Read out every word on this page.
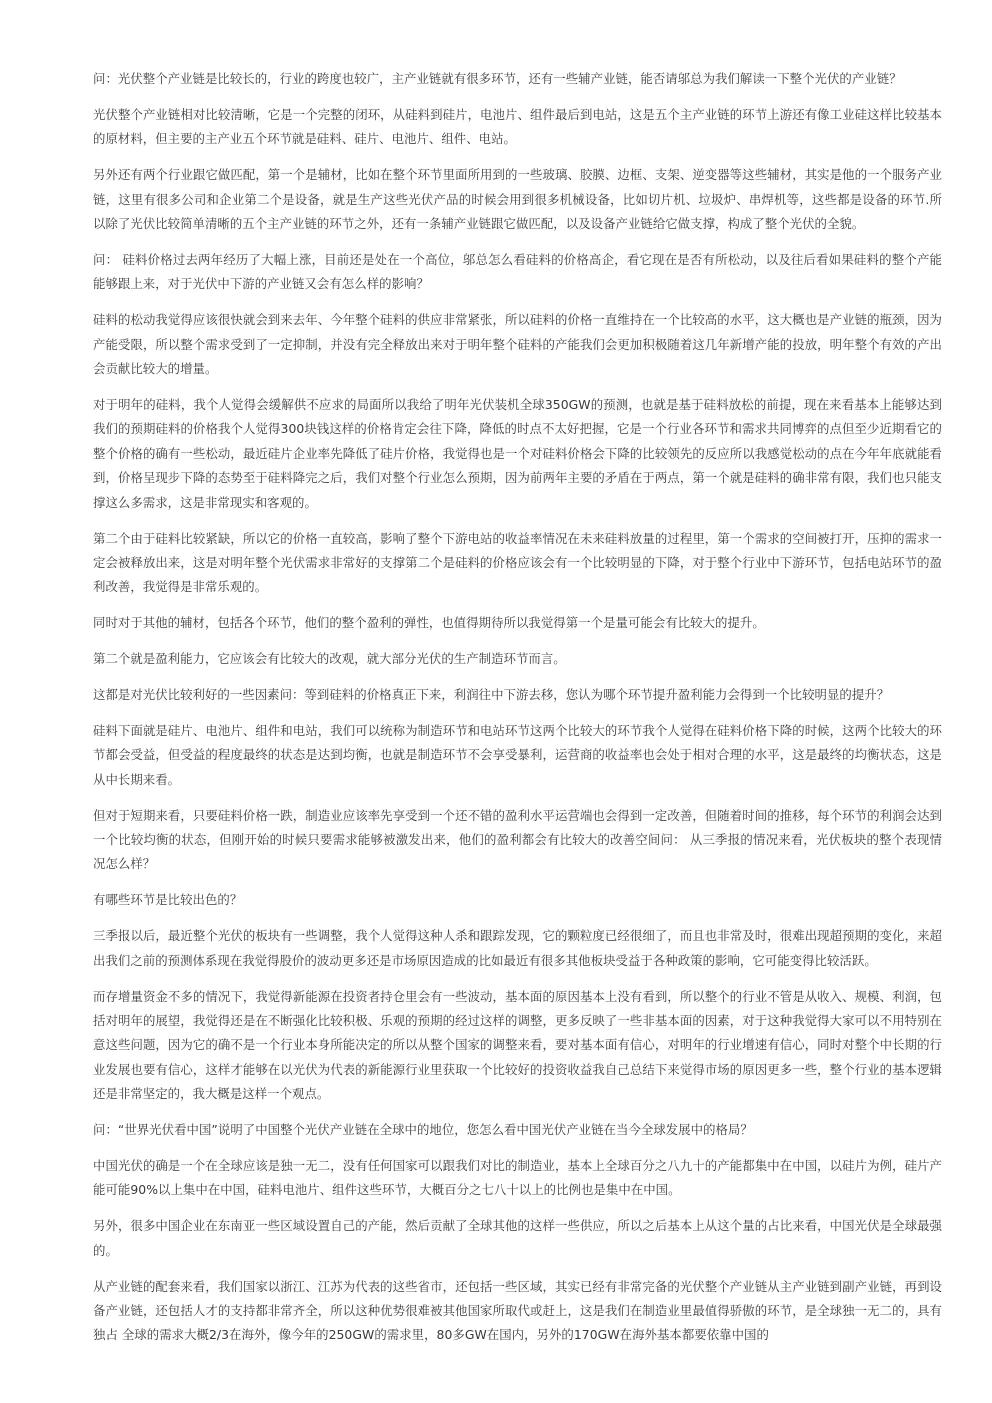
问：光伏整个产业链是比较长的，行业的跨度也较广，主产业链就有很多环节，还有一些辅产业链，能否请邬总为我们解读一下整个光伏的产业链？

光伏整个产业链相对比较清晰，它是一个完整的闭环，从硅料到硅片，电池片、组件最后到电站，这是五个主产业链的环节上游还有像工业硅这样比较基本的原材料，但主要的主产业五个环节就是硅料、硅片、电池片、组件、电站。

另外还有两个行业跟它做匹配，第一个是辅材，比如在整个环节里面所用到的一些玻璃、胶膜、边框、支架、逆变器等这些辅材，其实是他的一个服务产业链，这里有很多公司和企业第二个是设备，就是生产这些光伏产品的时候会用到很多机械设备，比如切片机、垃圾炉、串焊机等，这些都是设备的环节.所以除了光伏比较简单清晰的五个主产业链的环节之外，还有一条辅产业链跟它做匹配，以及设备产业链给它做支撑，构成了整个光伏的全貌。

问： 硅料价格过去两年经历了大幅上涨，目前还是处在一个高位，邬总怎么看硅料的价格高企，看它现在是否有所松动，以及往后看如果硅料的整个产能能够跟上来，对于光伏中下游的产业链又会有怎么样的影响？

硅料的松动我觉得应该很快就会到来去年、今年整个硅料的供应非常紧张，所以硅料的价格一直维持在一个比较高的水平，这大概也是产业链的瓶颈，因为产能受限，所以整个需求受到了一定抑制，并没有完全释放出来对于明年整个硅料的产能我们会更加积极随着这几年新增产能的投放，明年整个有效的产出会贡献比较大的增量。

对于明年的硅料，我个人觉得会缓解供不应求的局面所以我给了明年光伏装机全球350GW的预测，也就是基于硅料放松的前提，现在来看基本上能够达到我们的预期硅料的价格我个人觉得300块钱这样的价格肯定会往下降，降低的时点不太好把握，它是一个行业各环节和需求共同博弈的点但至少近期看它的整个价格的确有一些松动，最近硅片企业率先降低了硅片价格，我觉得也是一个对硅料价格会下降的比较领先的反应所以我感觉松动的点在今年年底就能看到，价格呈现步下降的态势至于硅料降完之后，我们对整个行业怎么预期，因为前两年主要的矛盾在于两点，第一个就是硅料的确非常有限，我们也只能支撑这么多需求，这是非常现实和客观的。

第二个由于硅料比较紧缺，所以它的价格一直较高，影响了整个下游电站的收益率情况在未来硅料放量的过程里，第一个需求的空间被打开，压抑的需求一定会被释放出来，这是对明年整个光伏需求非常好的支撑第二个是硅料的价格应该会有一个比较明显的下降，对于整个行业中下游环节，包括电站环节的盈利改善，我觉得是非常乐观的。

同时对于其他的辅材，包括各个环节，他们的整个盈利的弹性，也值得期待所以我觉得第一个是量可能会有比较大的提升。

第二个就是盈利能力，它应该会有比较大的改观，就大部分光伏的生产制造环节而言。

这都是对光伏比较利好的一些因素问：等到硅料的价格真正下来，利润往中下游去移，您认为哪个环节提升盈利能力会得到一个比较明显的提升？

硅料下面就是硅片、电池片、组件和电站，我们可以统称为制造环节和电站环节这两个比较大的环节我个人觉得在硅料价格下降的时候，这两个比较大的环节都会受益，但受益的程度最终的状态是达到均衡，也就是制造环节不会享受暴利，运营商的收益率也会处于相对合理的水平，这是最终的均衡状态，这是从中长期来看。

但对于短期来看，只要硅料价格一跌，制造业应该率先享受到一个还不错的盈利水平运营端也会得到一定改善，但随着时间的推移，每个环节的利润会达到一个比较均衡的状态，但刚开始的时候只要需求能够被激发出来，他们的盈利都会有比较大的改善空间问： 从三季报的情况来看，光伏板块的整个表现情况怎么样？

有哪些环节是比较出色的？

三季报以后，最近整个光伏的板块有一些调整，我个人觉得这种人杀和跟踪发现，它的颗粒度已经很细了，而且也非常及时，很难出现超预期的变化，来超出我们之前的预测体系现在我觉得股价的波动更多还是市场原因造成的比如最近有很多其他板块受益于各种政策的影响，它可能变得比较活跃。

而存增量资金不多的情况下，我觉得新能源在投资者持仓里会有一些波动，基本面的原因基本上没有看到，所以整个的行业不管是从收入、规模、利润，包括对明年的展望，我觉得还是在不断强化比较积极、乐观的预期的经过这样的调整，更多反映了一些非基本面的因素，对于这种我觉得大家可以不用特别在意这些问题，因为它的确不是一个行业本身所能决定的所以从整个国家的调整来看，要对基本面有信心，对明年的行业增速有信心，同时对整个中长期的行业发展也要有信心，这样才能够在以光伏为代表的新能源行业里获取一个比较好的投资收益我自己总结下来觉得市场的原因更多一些，整个行业的基本逻辑还是非常坚定的，我大概是这样一个观点。

问：“世界光伏看中国”说明了中国整个光伏产业链在全球中的地位，您怎么看中国光伏产业链在当今全球发展中的格局？

中国光伏的确是一个在全球应该是独一无二，没有任何国家可以跟我们对比的制造业，基本上全球百分之八九十的产能都集中在中国，以硅片为例，硅片产能可能90%以上集中在中国，硅料电池片、组件这些环节，大概百分之七八十以上的比例也是集中在中国。

另外，很多中国企业在东南亚一些区域设置自己的产能，然后贡献了全球其他的这样一些供应，所以之后基本上从这个量的占比来看，中国光伏是全球最强的。

从产业链的配套来看，我们国家以浙江、江苏为代表的这些省市，还包括一些区域，其实已经有非常完备的光伏整个产业链从主产业链到副产业链，再到设备产业链，还包括人才的支持都非常齐全，所以这种优势很难被其他国家所取代或赶上，这是我们在制造业里最值得骄傲的环节，是全球独一无二的，具有独占 全球的需求大概2/3在海外，像今年的250GW的需求里，80多GW在国内，另外的170GW在海外基本都要依靠中国的
